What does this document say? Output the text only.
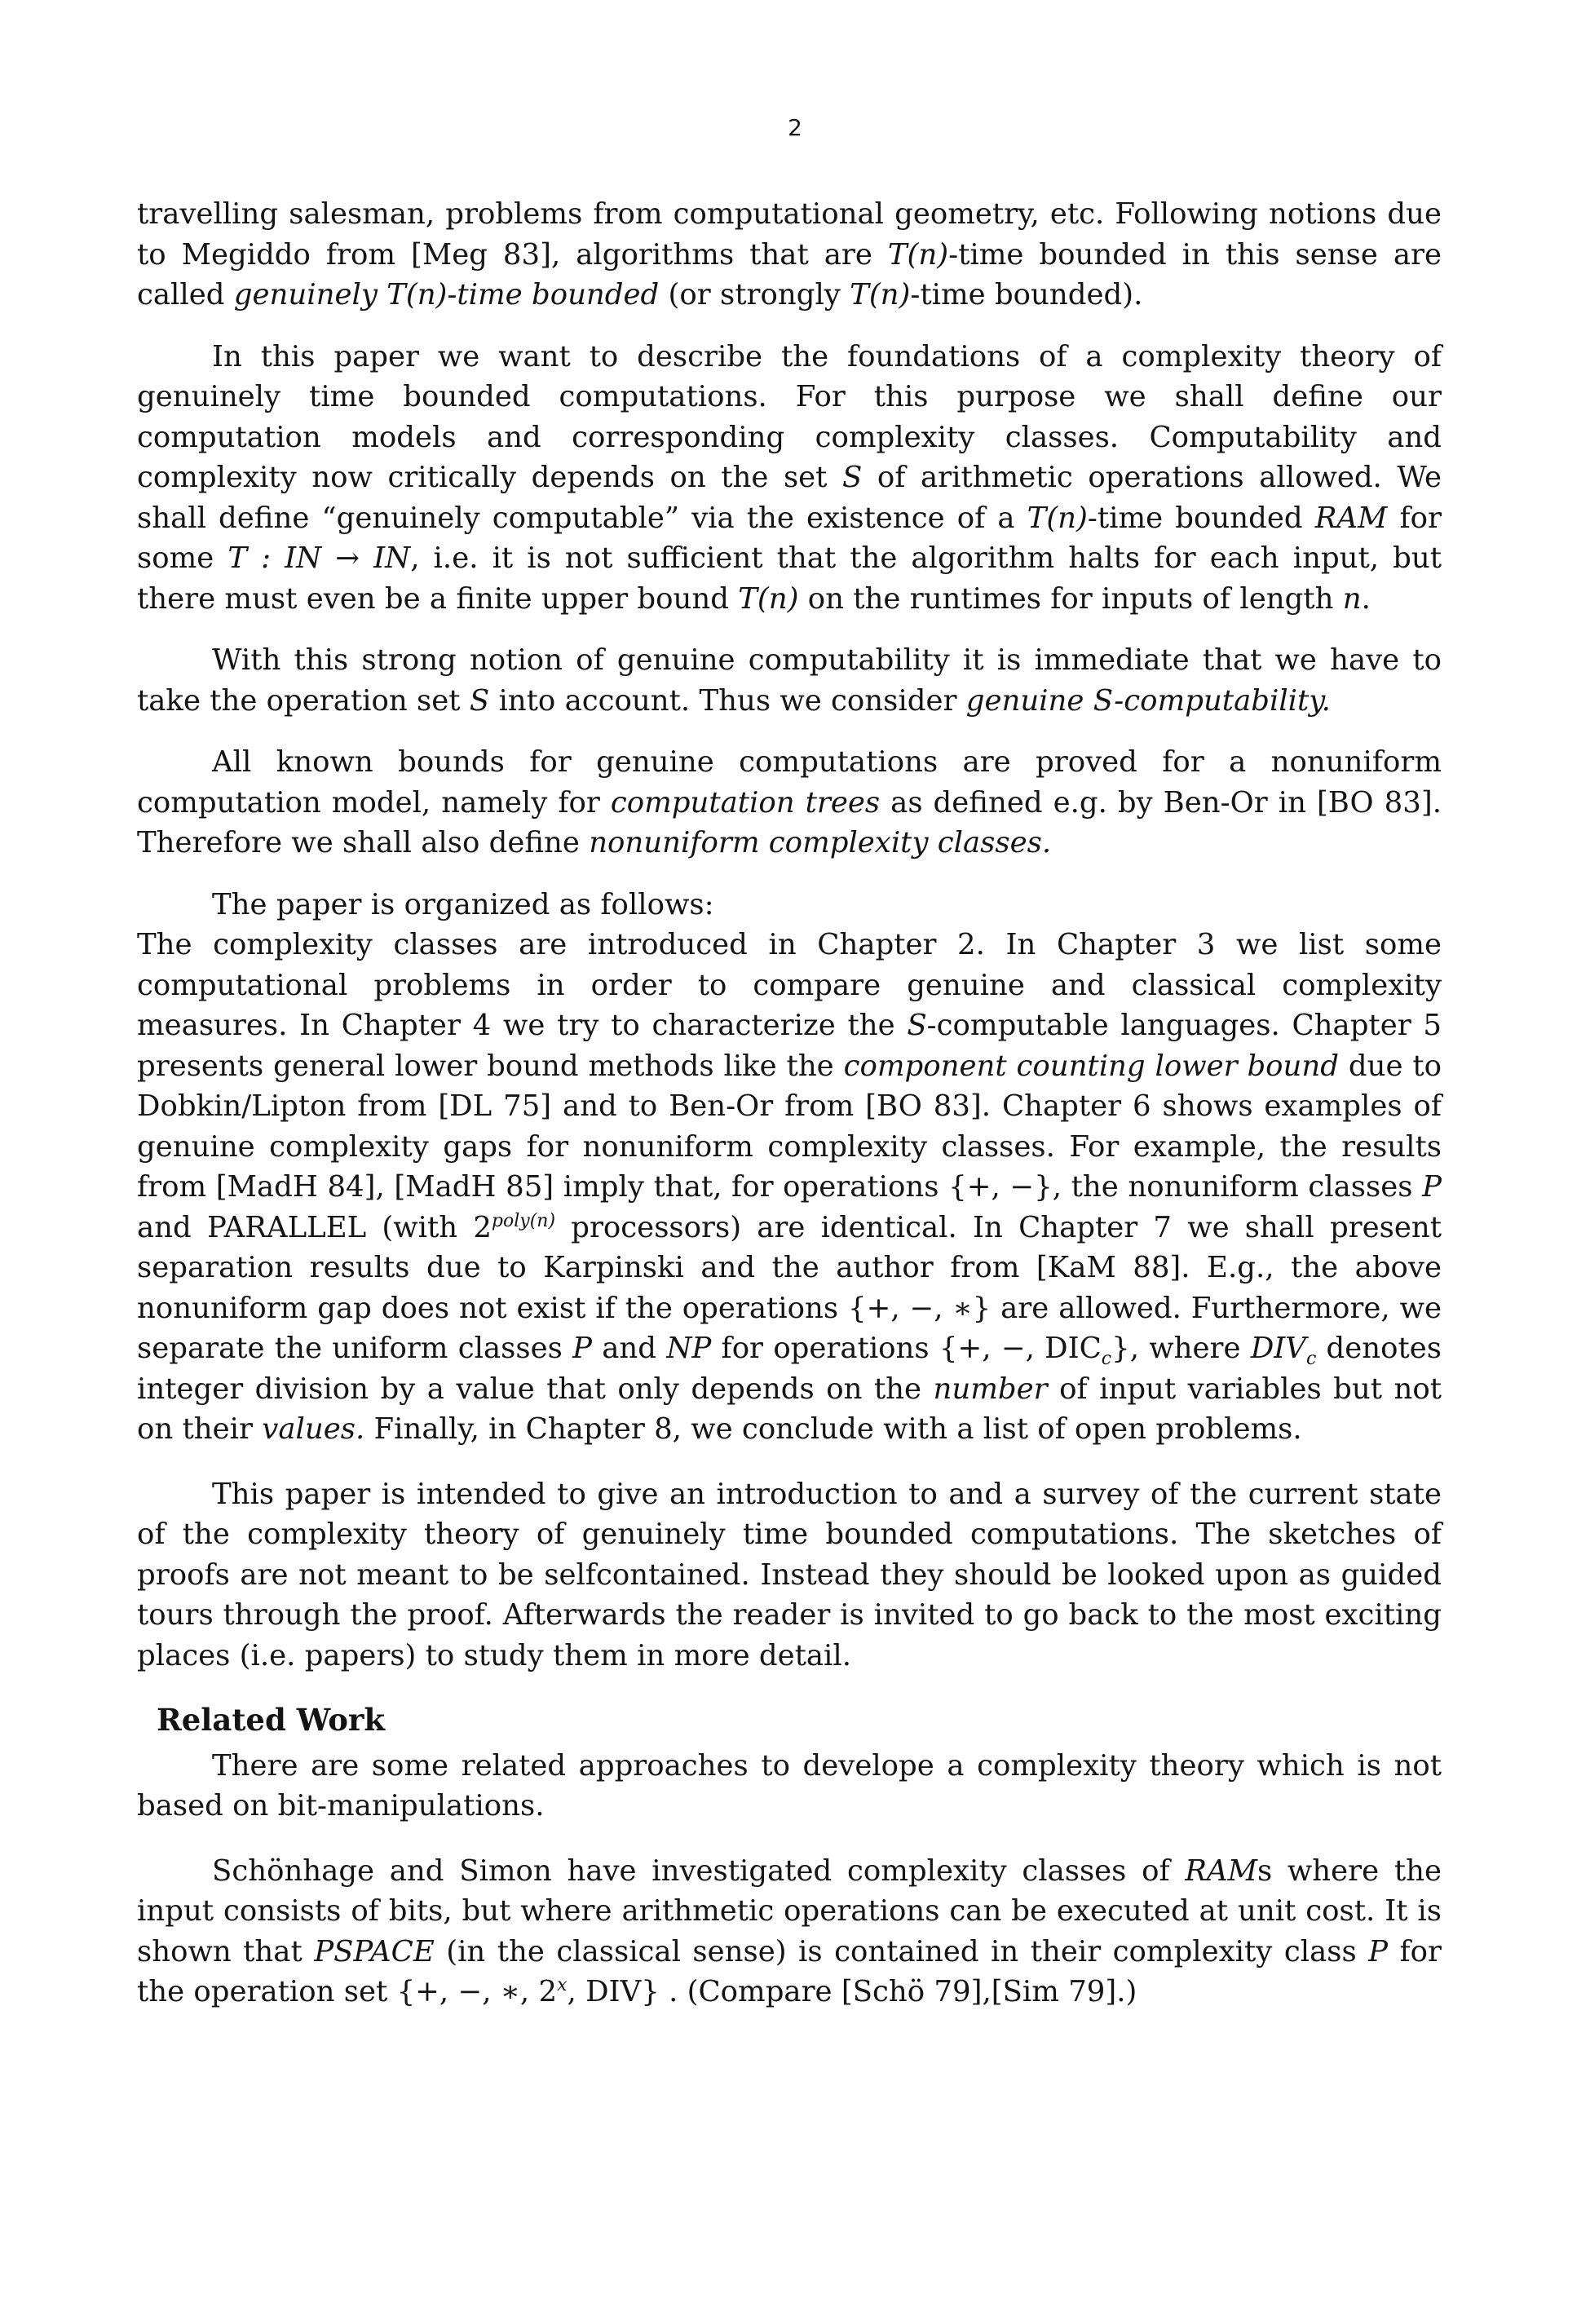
2

travelling salesman, problems from computational geometry, etc. Following notions due to Megiddo from [Meg 83], algorithms that are T(n)-time bounded in this sense are called genuinely T(n)-time bounded (or strongly T(n)-time bounded).

In this paper we want to describe the foundations of a complexity theory of genuinely time bounded computations. For this purpose we shall define our computation models and corresponding complexity classes. Computability and complexity now critically depends on the set S of arithmetic operations allowed. We shall define “genuinely computable” via the existence of a T(n)-time bounded RAM for some T : IN → IN, i.e. it is not sufficient that the algorithm halts for each input, but there must even be a finite upper bound T(n) on the runtimes for inputs of length n.

With this strong notion of genuine computability it is immediate that we have to take the operation set S into account. Thus we consider genuine S-computability.

All known bounds for genuine computations are proved for a nonuniform computation model, namely for computation trees as defined e.g. by Ben-Or in [BO 83]. Therefore we shall also define nonuniform complexity classes.

The paper is organized as follows:

The complexity classes are introduced in Chapter 2. In Chapter 3 we list some computational problems in order to compare genuine and classical complexity measures. In Chapter 4 we try to characterize the S-computable languages. Chapter 5 presents general lower bound methods like the component counting lower bound due to Dobkin/Lipton from [DL 75] and to Ben-Or from [BO 83]. Chapter 6 shows examples of genuine complexity gaps for nonuniform complexity classes. For example, the results from [MadH 84], [MadH 85] imply that, for operations {+, −}, the nonuniform classes P and PARALLEL (with $2^{poly(n)}$ processors) are identical. In Chapter 7 we shall present separation results due to Karpinski and the author from [KaM 88]. E.g., the above nonuniform gap does not exist if the operations {+, −, ∗} are allowed. Furthermore, we separate the uniform classes P and NP for operations {+, −, $DIC_c$}, where $DIV_c$ denotes integer division by a value that only depends on the number of input variables but not on their values. Finally, in Chapter 8, we conclude with a list of open problems.

This paper is intended to give an introduction to and a survey of the current state of the complexity theory of genuinely time bounded computations. The sketches of proofs are not meant to be selfcontained. Instead they should be looked upon as guided tours through the proof. Afterwards the reader is invited to go back to the most exciting places (i.e. papers) to study them in more detail.

Related Work

There are some related approaches to develope a complexity theory which is not based on bit-manipulations.

Schönhage and Simon have investigated complexity classes of RAMs where the input consists of bits, but where arithmetic operations can be executed at unit cost. It is shown that PSPACE (in the classical sense) is contained in their complexity class P for the operation set {+, −, ∗, 2$^x$, DIV} . (Compare [Schö 79],[Sim 79].)
